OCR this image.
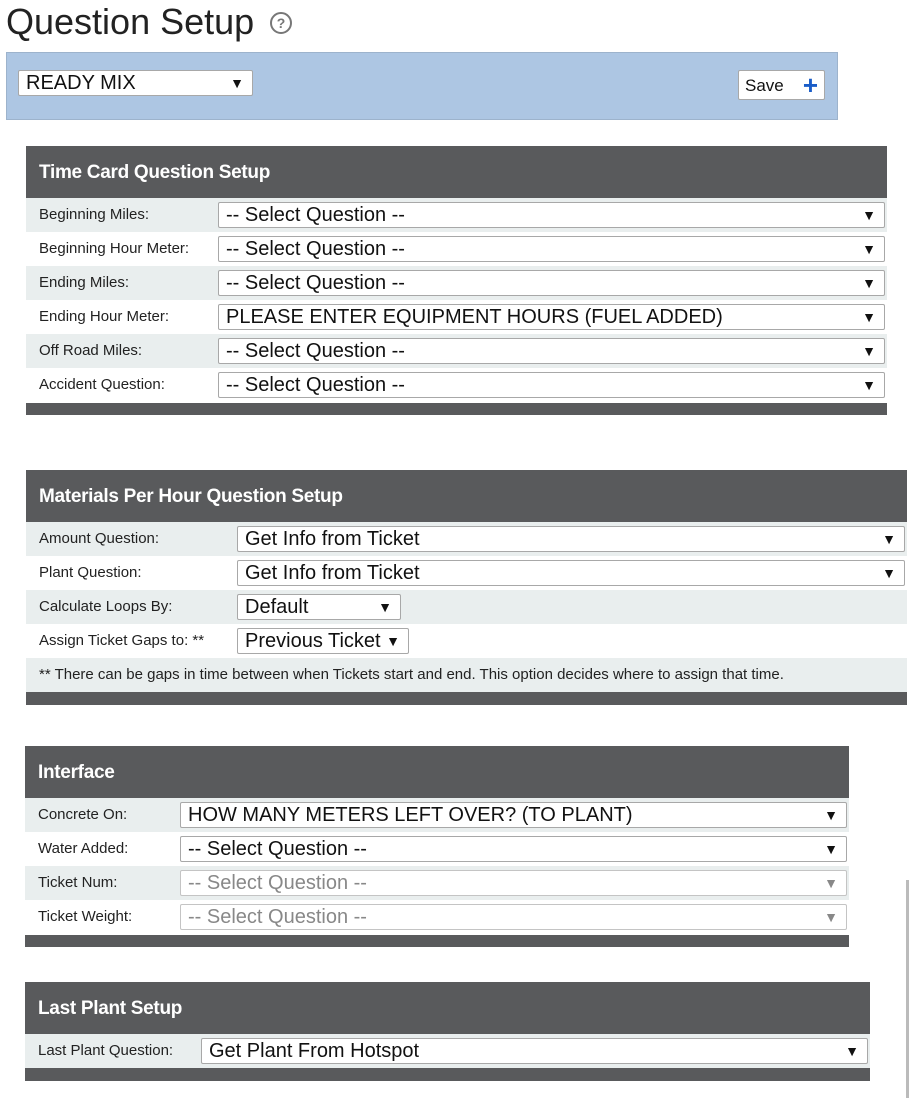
Question Setup	?
READY MIX	▼	Save +
Time Card Question Setup
Beginning Miles:	-- Select Question --	▼
Beginning Hour Meter:	-- Select Question --	▼
Ending Miles:	-- Select Question --	▼
Ending Hour Meter:	PLEASE ENTER EQUIPMENT HOURS (FUEL ADDED)	▼
Off Road Miles:	-- Select Question --	▼
Accident Question:	-- Select Question --	▼
Materials Per Hour Question Setup
Amount Question:	Get Info from Ticket	▼
Plant Question:	Get Info from Ticket	▼
Calculate Loops By:	Default	▼
Assign Ticket Gaps to: **	Previous Ticket ▼
** There can be gaps in time between when Tickets start and end. This option decides where to assign that time.
Interface
Concrete On:	HOW MANY METERS LEFT OVER? (TO PLANT)	▼
Water Added:	-- Select Question --	▼
Ticket Num:	-- Select Question --	▼
Ticket Weight:	-- Select Question --	▼
Last Plant Setup
Last Plant Question:	Get Plant From Hotspot	▼
